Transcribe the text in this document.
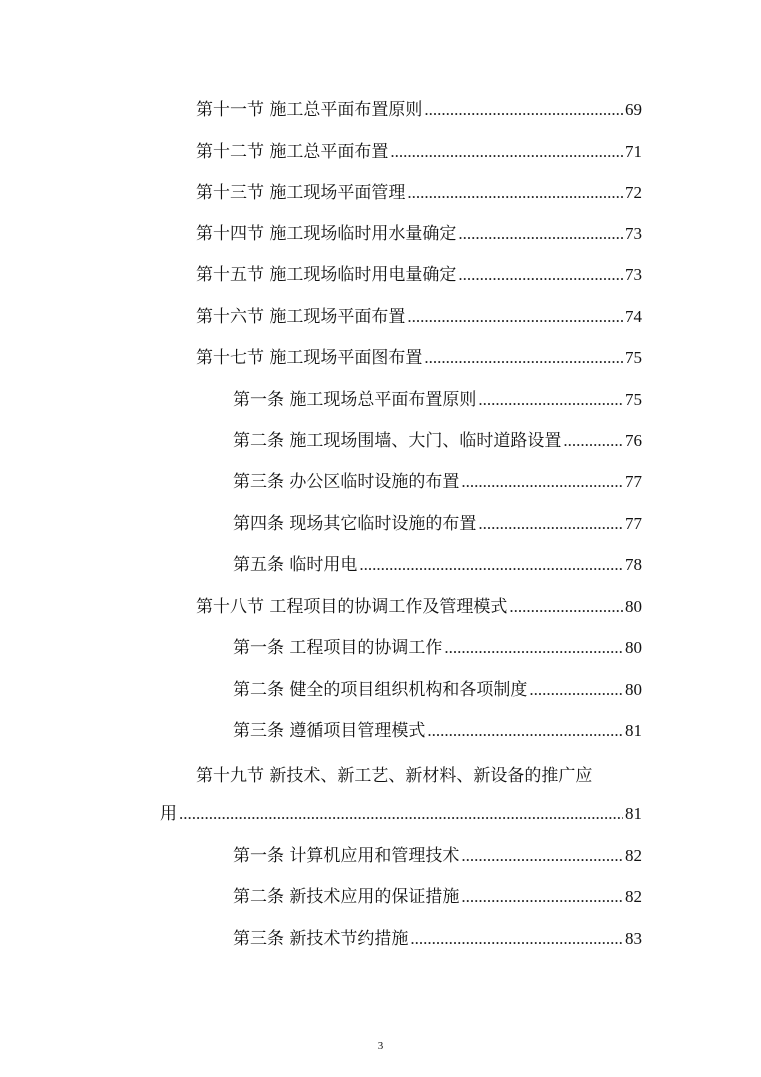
第十一节 施工总平面布置原则 .....	69
第十二节 施工总平面布置 .....	71
第十三节 施工现场平面管理 .....	72
第十四节 施工现场临时用水量确定 .....	73
第十五节 施工现场临时用电量确定 .....	73
第十六节 施工现场平面布置 .....	74
第十七节 施工现场平面图布置 .....	75
第一条 施工现场总平面布置原则 .....	75
第二条 施工现场围墙、大门、临时道路设置 .....	76
第三条 办公区临时设施的布置 .....	77
第四条 现场其它临时设施的布置 .....	77
第五条 临时用电 .....	78
第十八节 工程项目的协调工作及管理模式 .....	80
第一条 工程项目的协调工作 .....	80
第二条 健全的项目组织机构和各项制度 .....	80
第三条 遵循项目管理模式 .....	81
第十九节 新技术、新工艺、新材料、新设备的推广应
用 .....	81
第一条 计算机应用和管理技术 .....	82
第二条 新技术应用的保证措施 .....	82
第三条 新技术节约措施 .....	83
3
